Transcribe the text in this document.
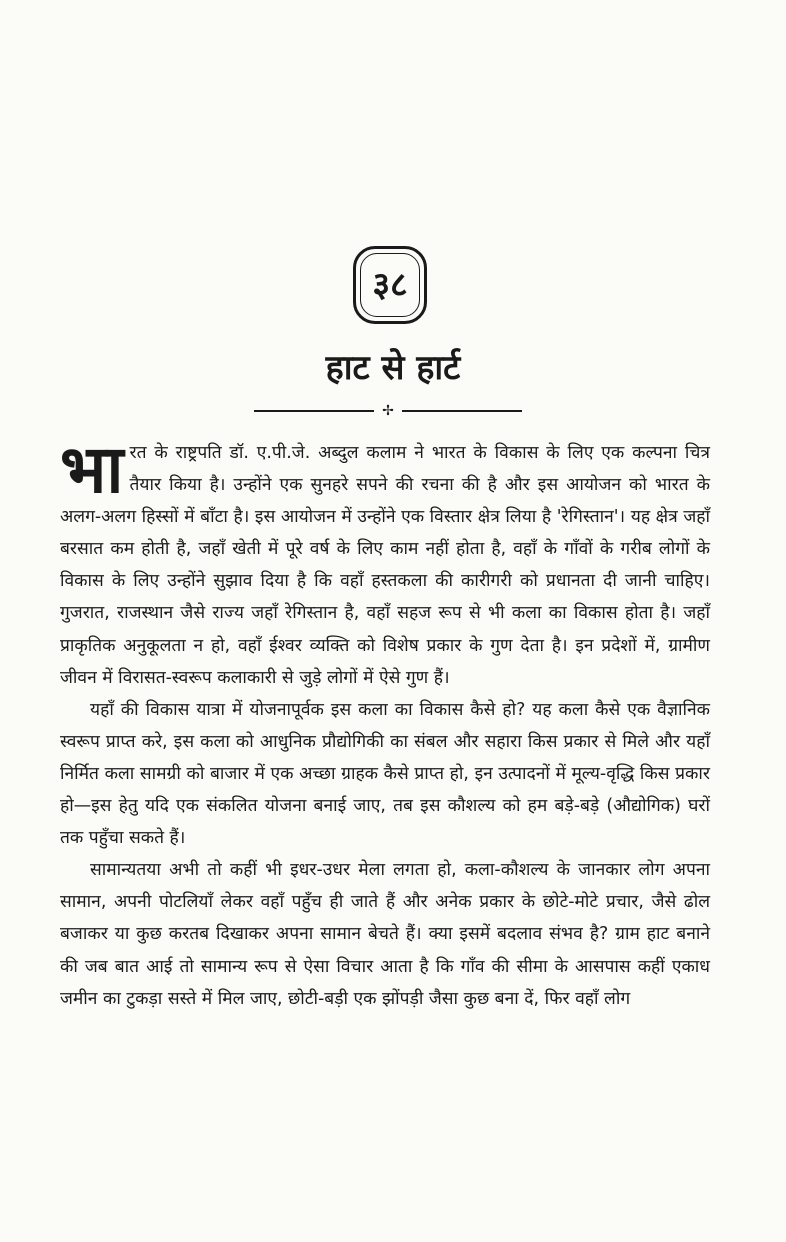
३८
हाट से हार्ट
✢

भारत के राष्ट्रपति डॉ. ए.पी.जे. अब्दुल कलाम ने भारत के विकास के लिए एक कल्पना चित्र तैयार किया है। उन्होंने एक सुनहरे सपने की रचना की है और इस आयोजन को भारत के अलग-अलग हिस्सों में बाँटा है। इस आयोजन में उन्होंने एक विस्तार क्षेत्र लिया है 'रेगिस्तान'। यह क्षेत्र जहाँ बरसात कम होती है, जहाँ खेती में पूरे वर्ष के लिए काम नहीं होता है, वहाँ के गाँवों के गरीब लोगों के विकास के लिए उन्होंने सुझाव दिया है कि वहाँ हस्तकला की कारीगरी को प्रधानता दी जानी चाहिए। गुजरात, राजस्थान जैसे राज्य जहाँ रेगिस्तान है, वहाँ सहज रूप से भी कला का विकास होता है। जहाँ प्राकृतिक अनुकूलता न हो, वहाँ ईश्वर व्यक्ति को विशेष प्रकार के गुण देता है। इन प्रदेशों में, ग्रामीण जीवन में विरासत-स्वरूप कलाकारी से जुड़े लोगों में ऐसे गुण हैं।

यहाँ की विकास यात्रा में योजनापूर्वक इस कला का विकास कैसे हो? यह कला कैसे एक वैज्ञानिक स्वरूप प्राप्त करे, इस कला को आधुनिक प्रौद्योगिकी का संबल और सहारा किस प्रकार से मिले और यहाँ निर्मित कला सामग्री को बाजार में एक अच्छा ग्राहक कैसे प्राप्त हो, इन उत्पादनों में मूल्य-वृद्धि किस प्रकार हो—इस हेतु यदि एक संकलित योजना बनाई जाए, तब इस कौशल्य को हम बड़े-बड़े (औद्योगिक) घरों तक पहुँचा सकते हैं।

सामान्यतया अभी तो कहीं भी इधर-उधर मेला लगता हो, कला-कौशल्य के जानकार लोग अपना सामान, अपनी पोटलियाँ लेकर वहाँ पहुँच ही जाते हैं और अनेक प्रकार के छोटे-मोटे प्रचार, जैसे ढोल बजाकर या कुछ करतब दिखाकर अपना सामान बेचते हैं। क्या इसमें बदलाव संभव है? ग्राम हाट बनाने की जब बात आई तो सामान्य रूप से ऐसा विचार आता है कि गाँव की सीमा के आसपास कहीं एकाध जमीन का टुकड़ा सस्ते में मिल जाए, छोटी-बड़ी एक झोंपड़ी जैसा कुछ बना दें, फिर वहाँ लोग
